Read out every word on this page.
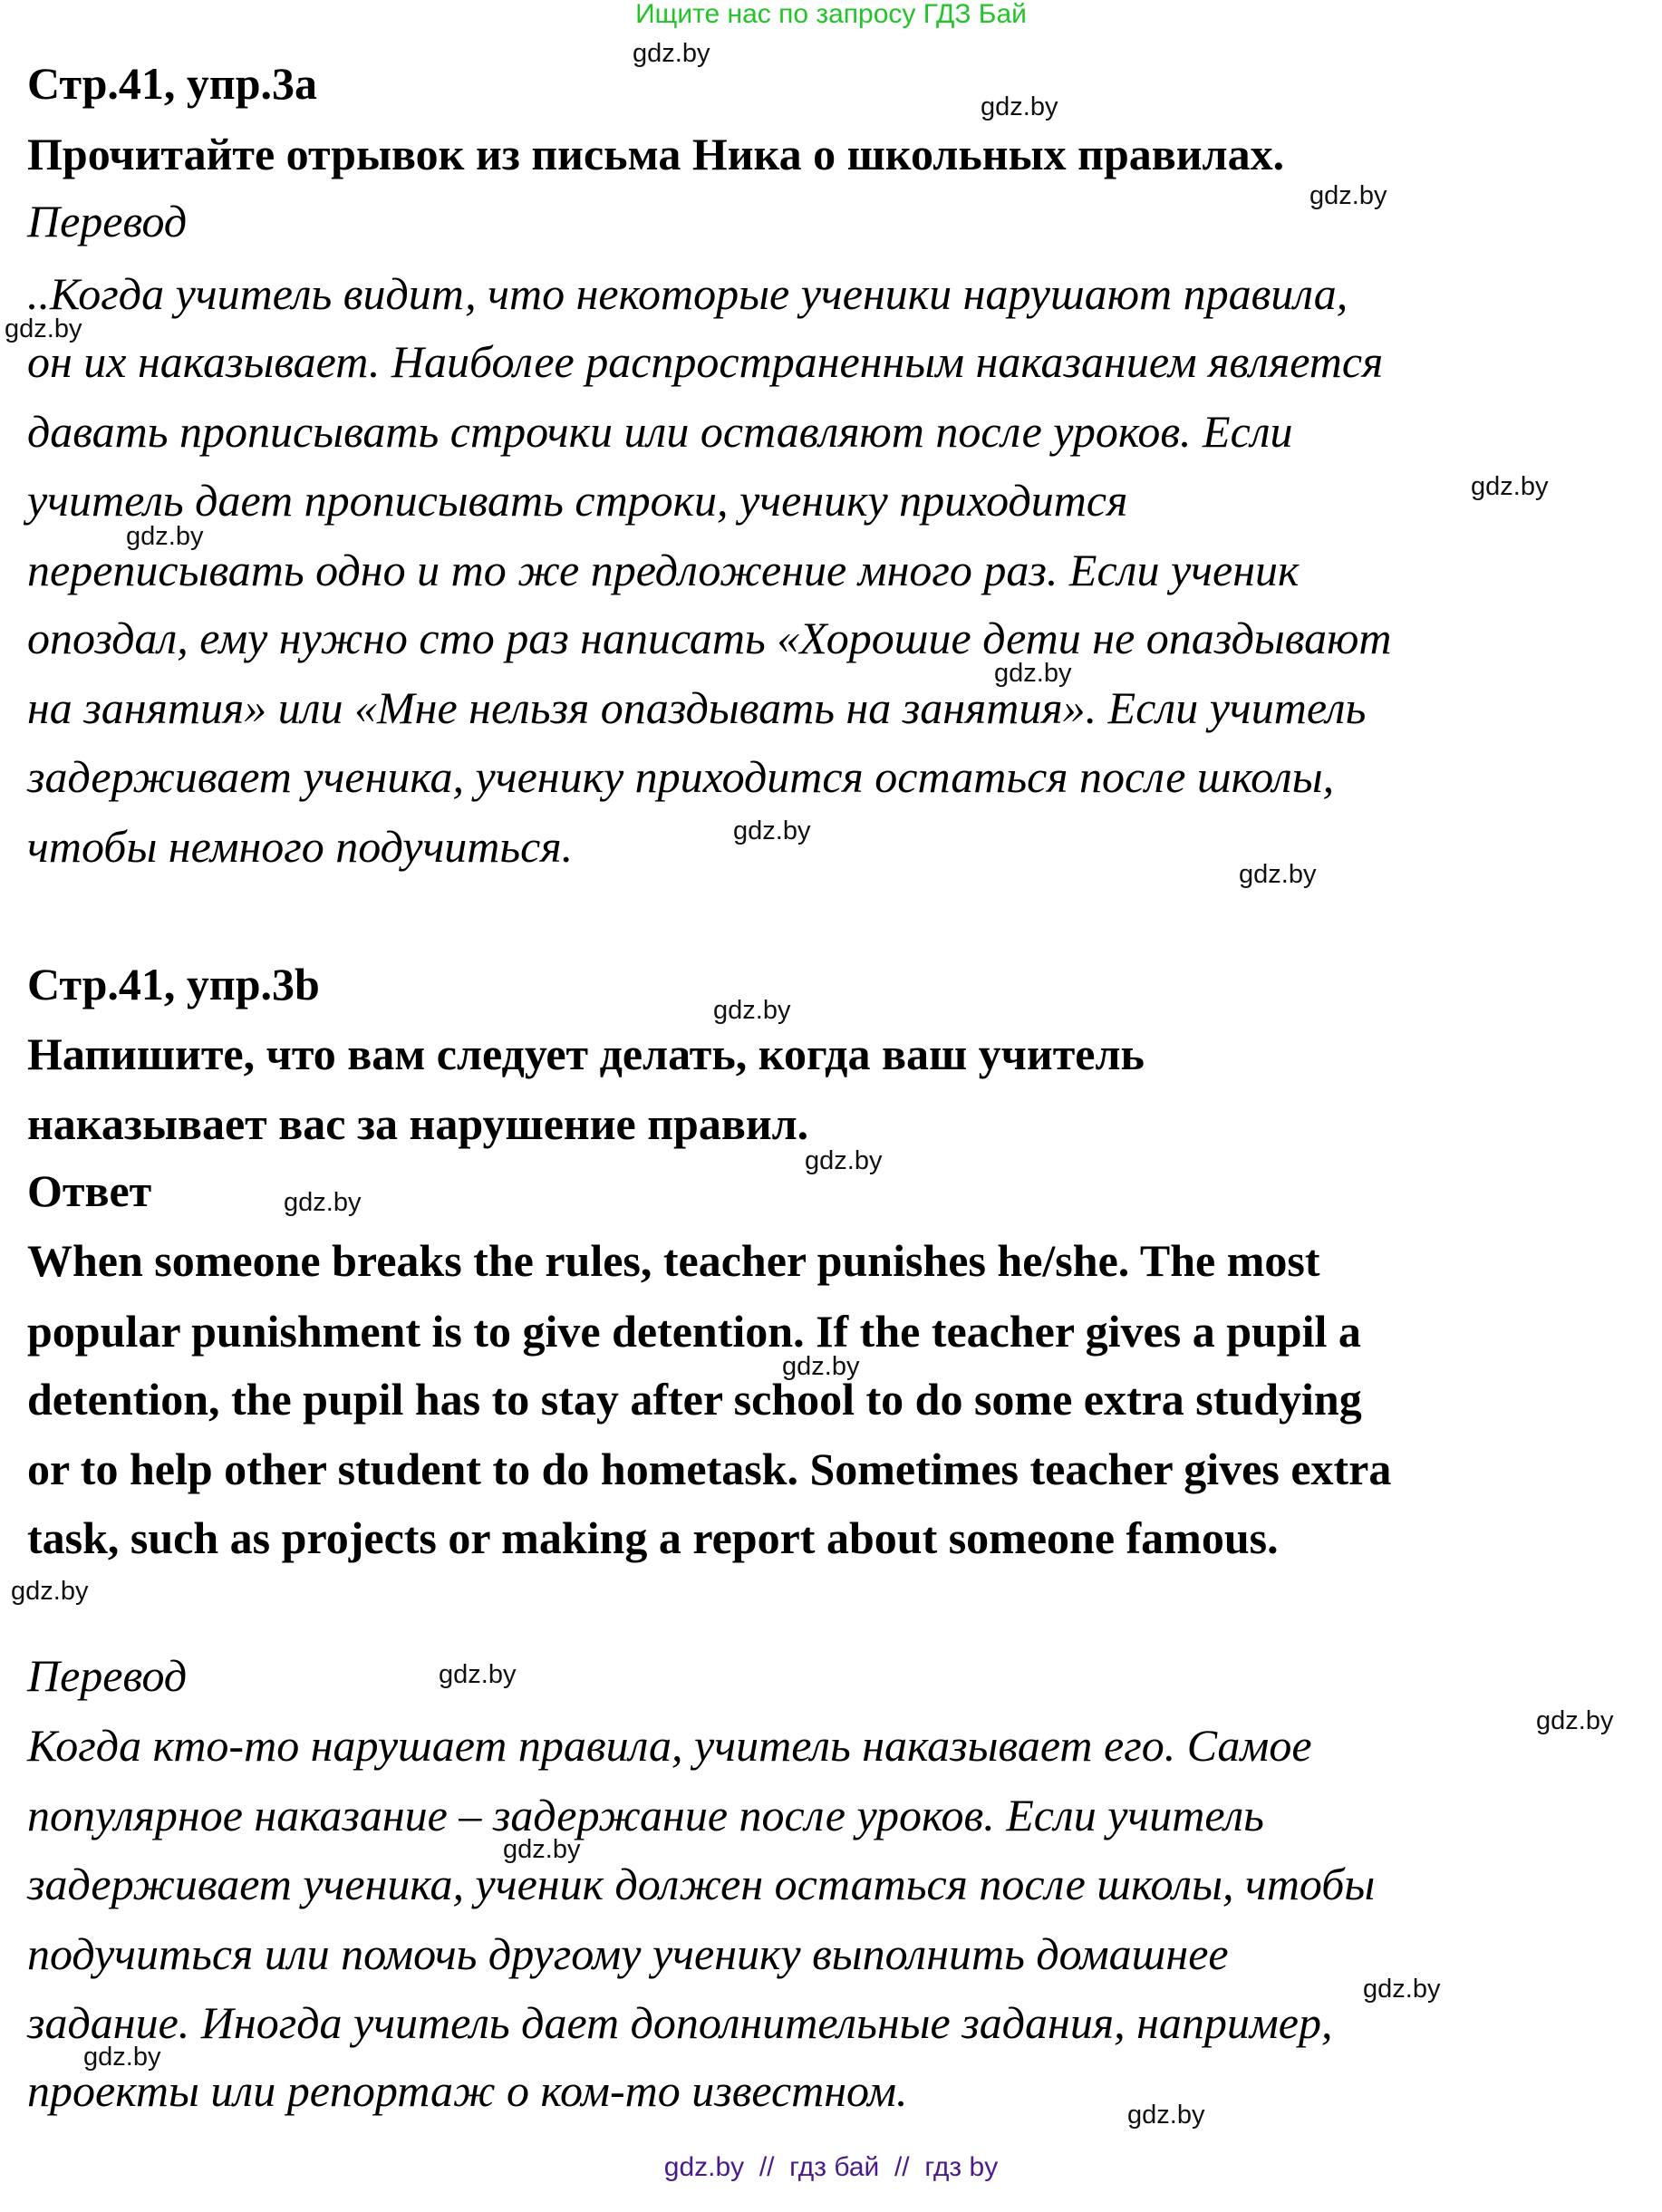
Ищите нас по запросу ГДЗ Бай
Стр.41, упр.3а
Прочитайте отрывок из письма Ника о школьных правилах.
Перевод
..Когда учитель видит, что некоторые ученики нарушают правила,
он их наказывает. Наиболее распространенным наказанием является
давать прописывать строчки или оставляют после уроков. Если
учитель дает прописывать строки, ученику приходится
переписывать одно и то же предложение много раз. Если ученик
опоздал, ему нужно сто раз написать «Хорошие дети не опаздывают
на занятия» или «Мне нельзя опаздывать на занятия». Если учитель
задерживает ученика, ученику приходится остаться после школы,
чтобы немного подучиться.
Стр.41, упр.3b
Напишите, что вам следует делать, когда ваш учитель
наказывает вас за нарушение правил.
Ответ
When someone breaks the rules, teacher punishes he/she. The most
popular punishment is to give detention. If the teacher gives a pupil a
detention, the pupil has to stay after school to do some extra studying
or to help other student to do hometask. Sometimes teacher gives extra
task, such as projects or making a report about someone famous.
Перевод
Когда кто-то нарушает правила, учитель наказывает его. Самое
популярное наказание – задержание после уроков. Если учитель
задерживает ученика, ученик должен остаться после школы, чтобы
подучиться или помочь другому ученику выполнить домашнее
задание. Иногда учитель дает дополнительные задания, например,
проекты или репортаж о ком-то известном.
gdz.by
gdz.by
gdz.by
gdz.by
gdz.by
gdz.by
gdz.by
gdz.by
gdz.by
gdz.by
gdz.by
gdz.by
gdz.by
gdz.by
gdz.by
gdz.by
gdz.by
gdz.by
gdz.by
gdz.by
gdz.by  //  гдз бай  //  гдз by
